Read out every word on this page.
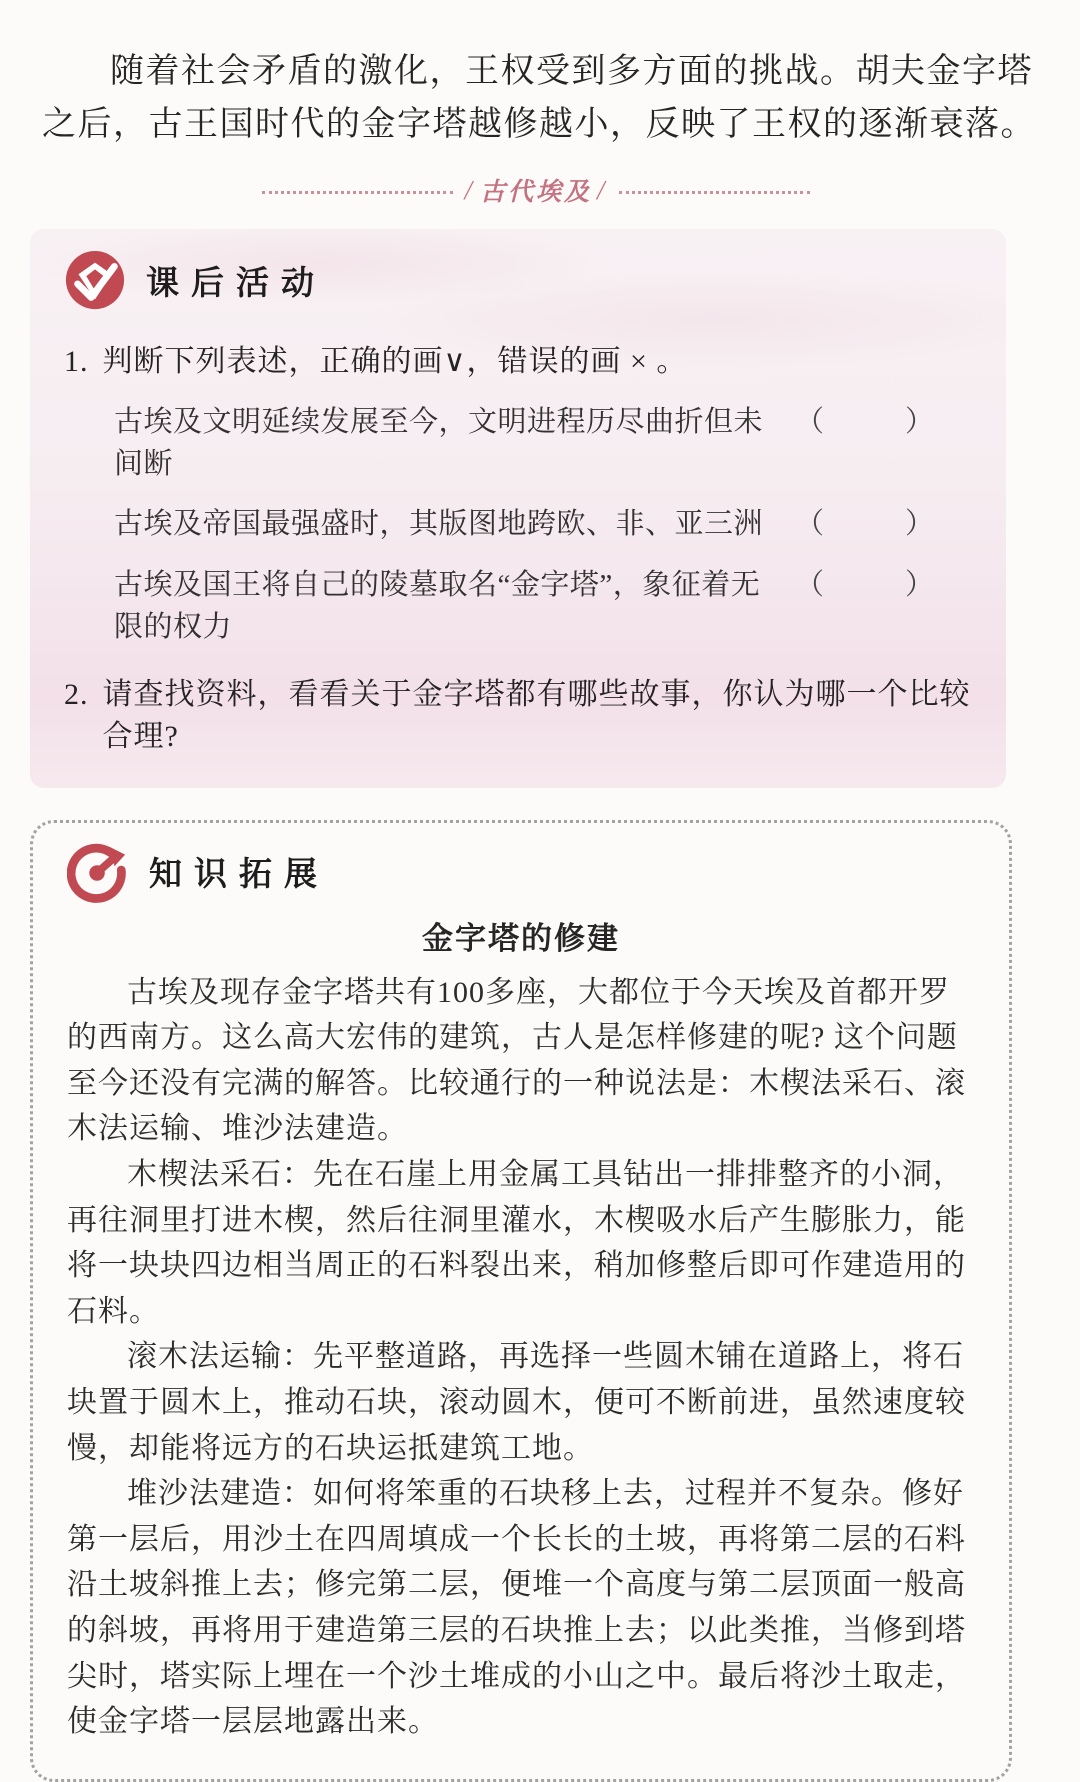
随着社会矛盾的激化，王权受到多方面的挑战。胡夫金字塔之后，古王国时代的金字塔越修越小，反映了王权的逐渐衰落。

/ 古代埃及 /
课后活动
1. 判断下列表述，正确的画∨，错误的画 × 。
古埃及文明延续发展至今，文明进程历尽曲折但未间断
（　）
古埃及帝国最强盛时，其版图地跨欧、非、亚三洲	（　）
古埃及国王将自己的陵墓取名“金字塔”，象征着无限的权力
（　）
2. 请查找资料，看看关于金字塔都有哪些故事，你认为哪一个比较合理?
知识拓展
金字塔的修建

古埃及现存金字塔共有100多座，大都位于今天埃及首都开罗的西南方。这么高大宏伟的建筑，古人是怎样修建的呢? 这个问题至今还没有完满的解答。比较通行的一种说法是：木楔法采石、滚木法运输、堆沙法建造。

木楔法采石：先在石崖上用金属工具钻出一排排整齐的小洞，再往洞里打进木楔，然后往洞里灌水，木楔吸水后产生膨胀力，能将一块块四边相当周正的石料裂出来，稍加修整后即可作建造用的石料。

滚木法运输：先平整道路，再选择一些圆木铺在道路上，将石块置于圆木上，推动石块，滚动圆木，便可不断前进，虽然速度较慢，却能将远方的石块运抵建筑工地。

堆沙法建造：如何将笨重的石块移上去，过程并不复杂。修好第一层后，用沙土在四周填成一个长长的土坡，再将第二层的石料沿土坡斜推上去；修完第二层，便堆一个高度与第二层顶面一般高的斜坡，再将用于建造第三层的石块推上去；以此类推，当修到塔尖时，塔实际上埋在一个沙土堆成的小山之中。最后将沙土取走，使金字塔一层层地露出来。
